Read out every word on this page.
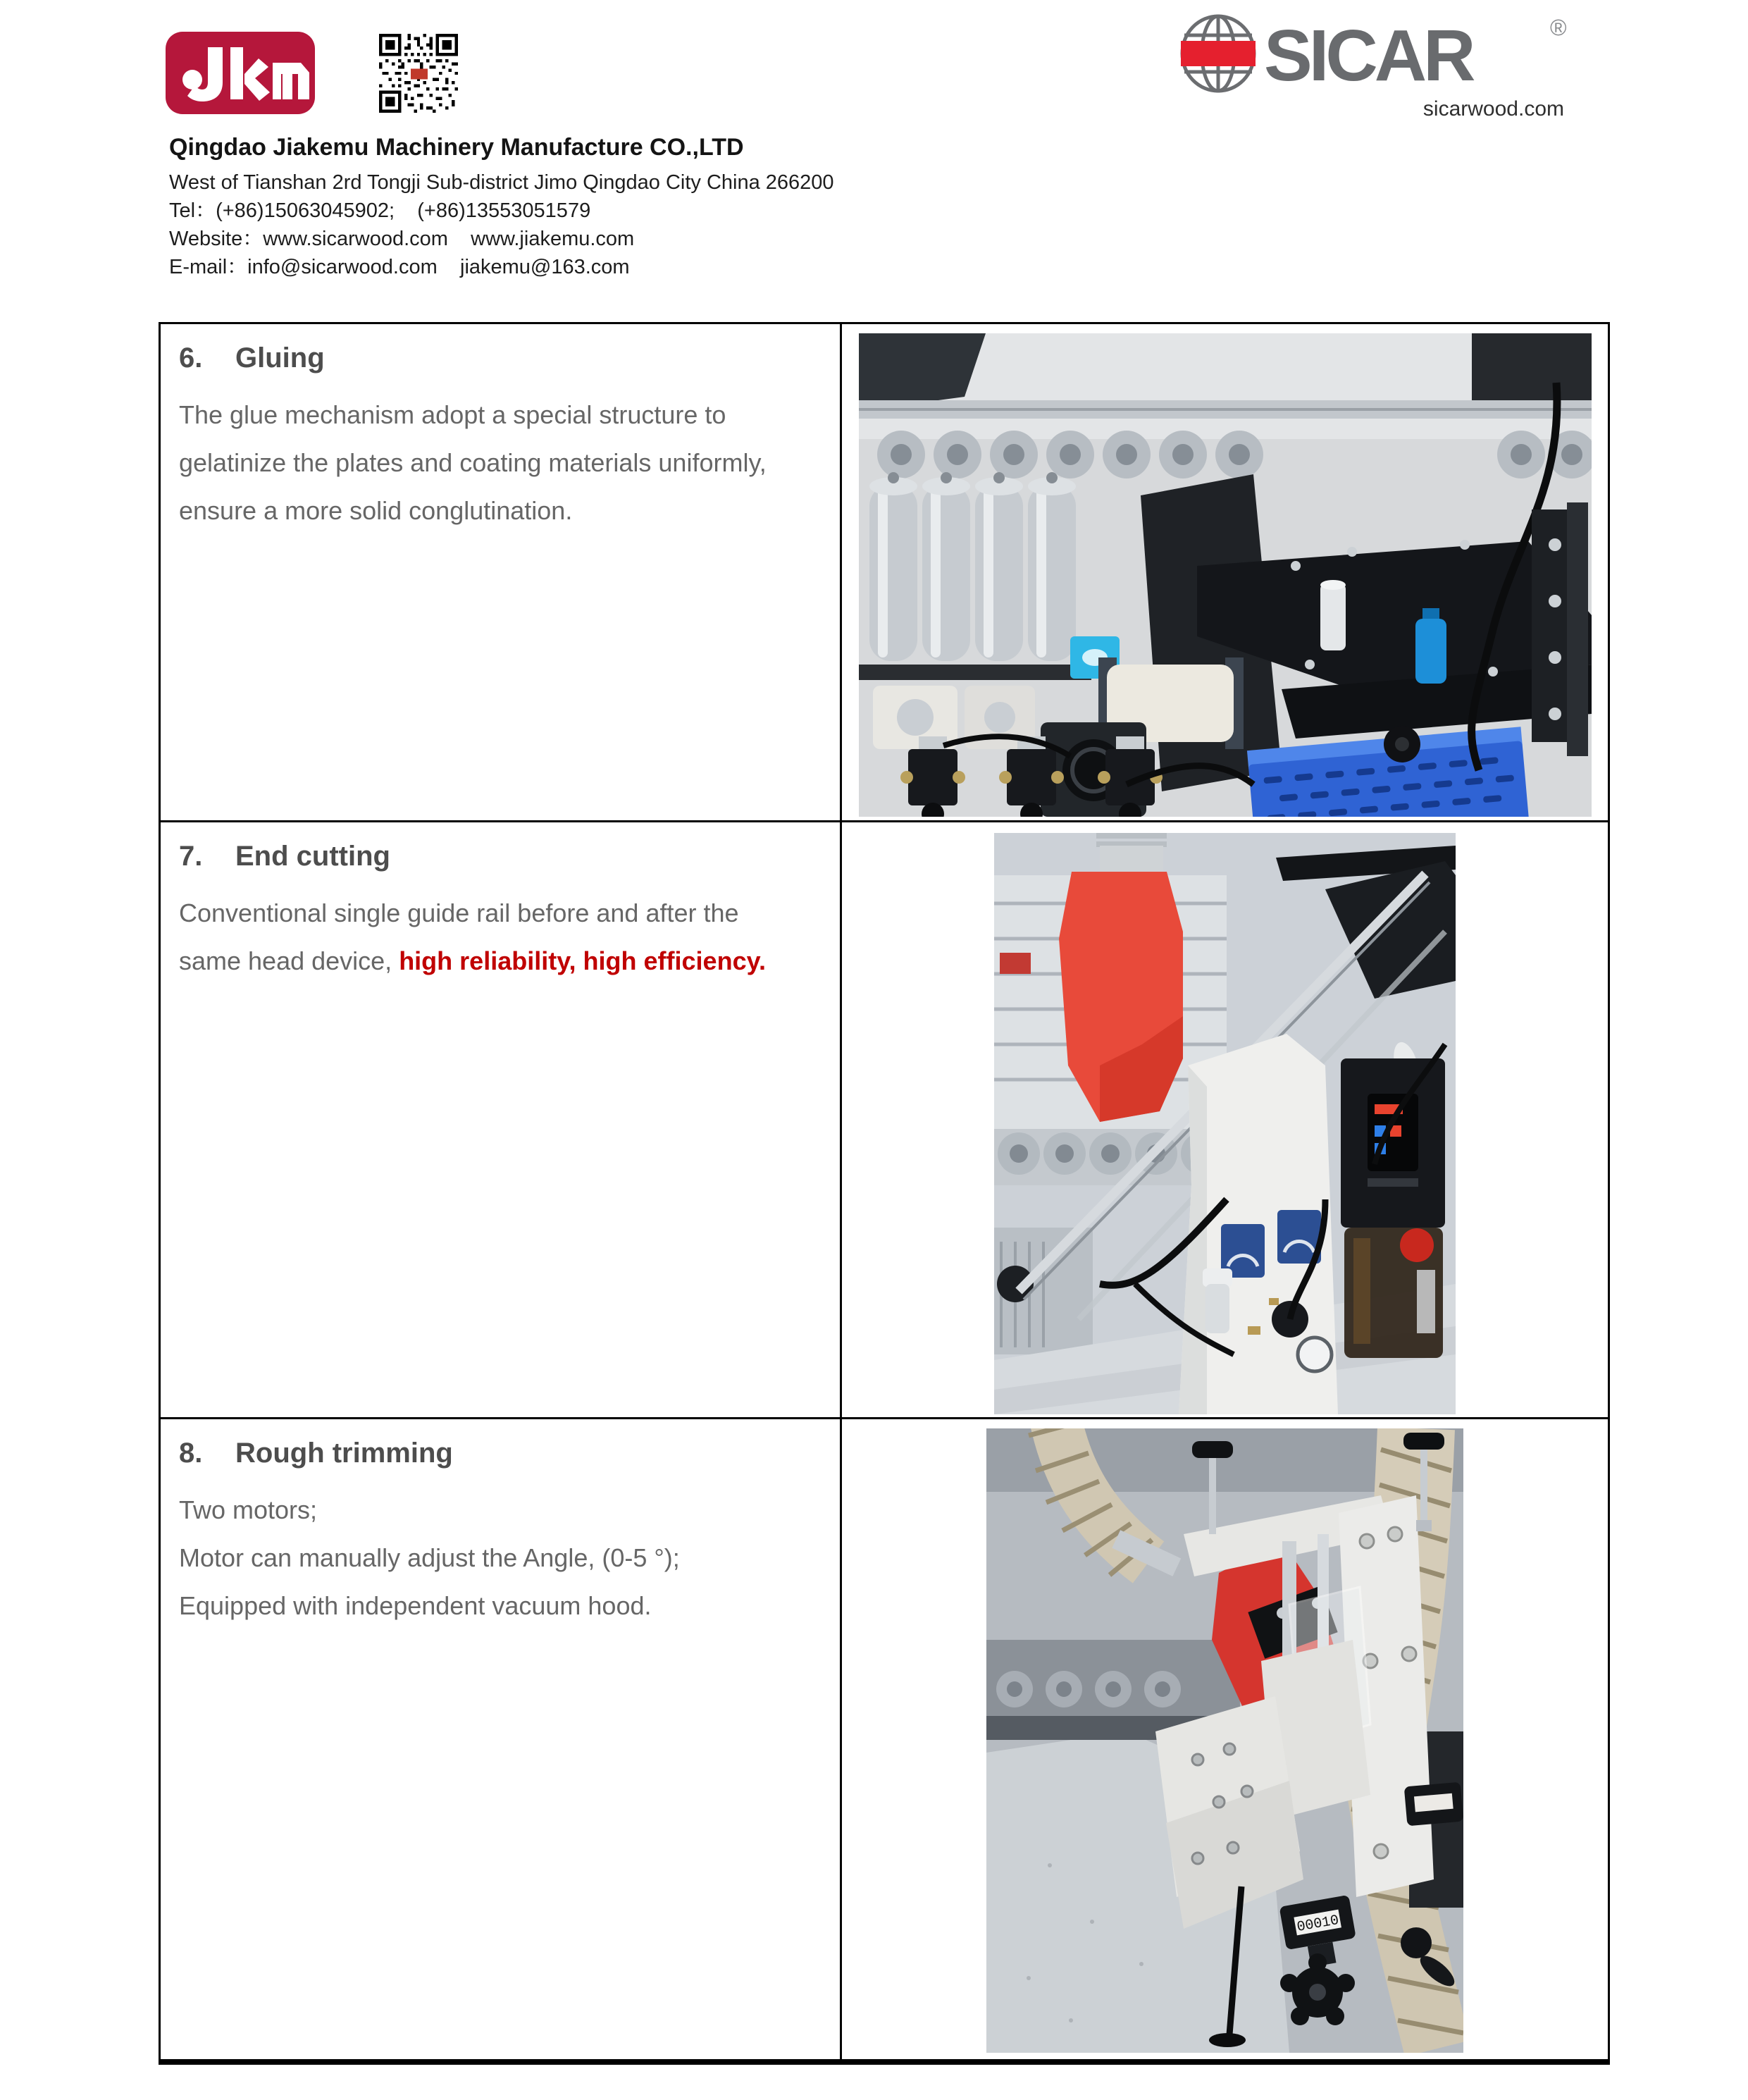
SICAR	®
sicarwood.com
Qingdao Jiakemu Machinery Manufacture CO.,LTD
West of Tianshan 2rd Tongji Sub-district Jimo Qingdao City China 266200
Tel：(+86)15063045902;    (+86)13553051579
Website：www.sicarwood.com    www.jiakemu.com
E-mail：info@sicarwood.com    jiakemu@163.com
6. Gluing
The glue mechanism adopt a special structure to gelatinize the plates and coating materials uniformly, ensure a more solid conglutination.
7. End cutting
Conventional single guide rail before and after the same head device, high reliability, high efficiency.
8. Rough trimming
Two motors;
Motor can manually adjust the Angle, (0-5 °);
Equipped with independent vacuum hood.
00010
